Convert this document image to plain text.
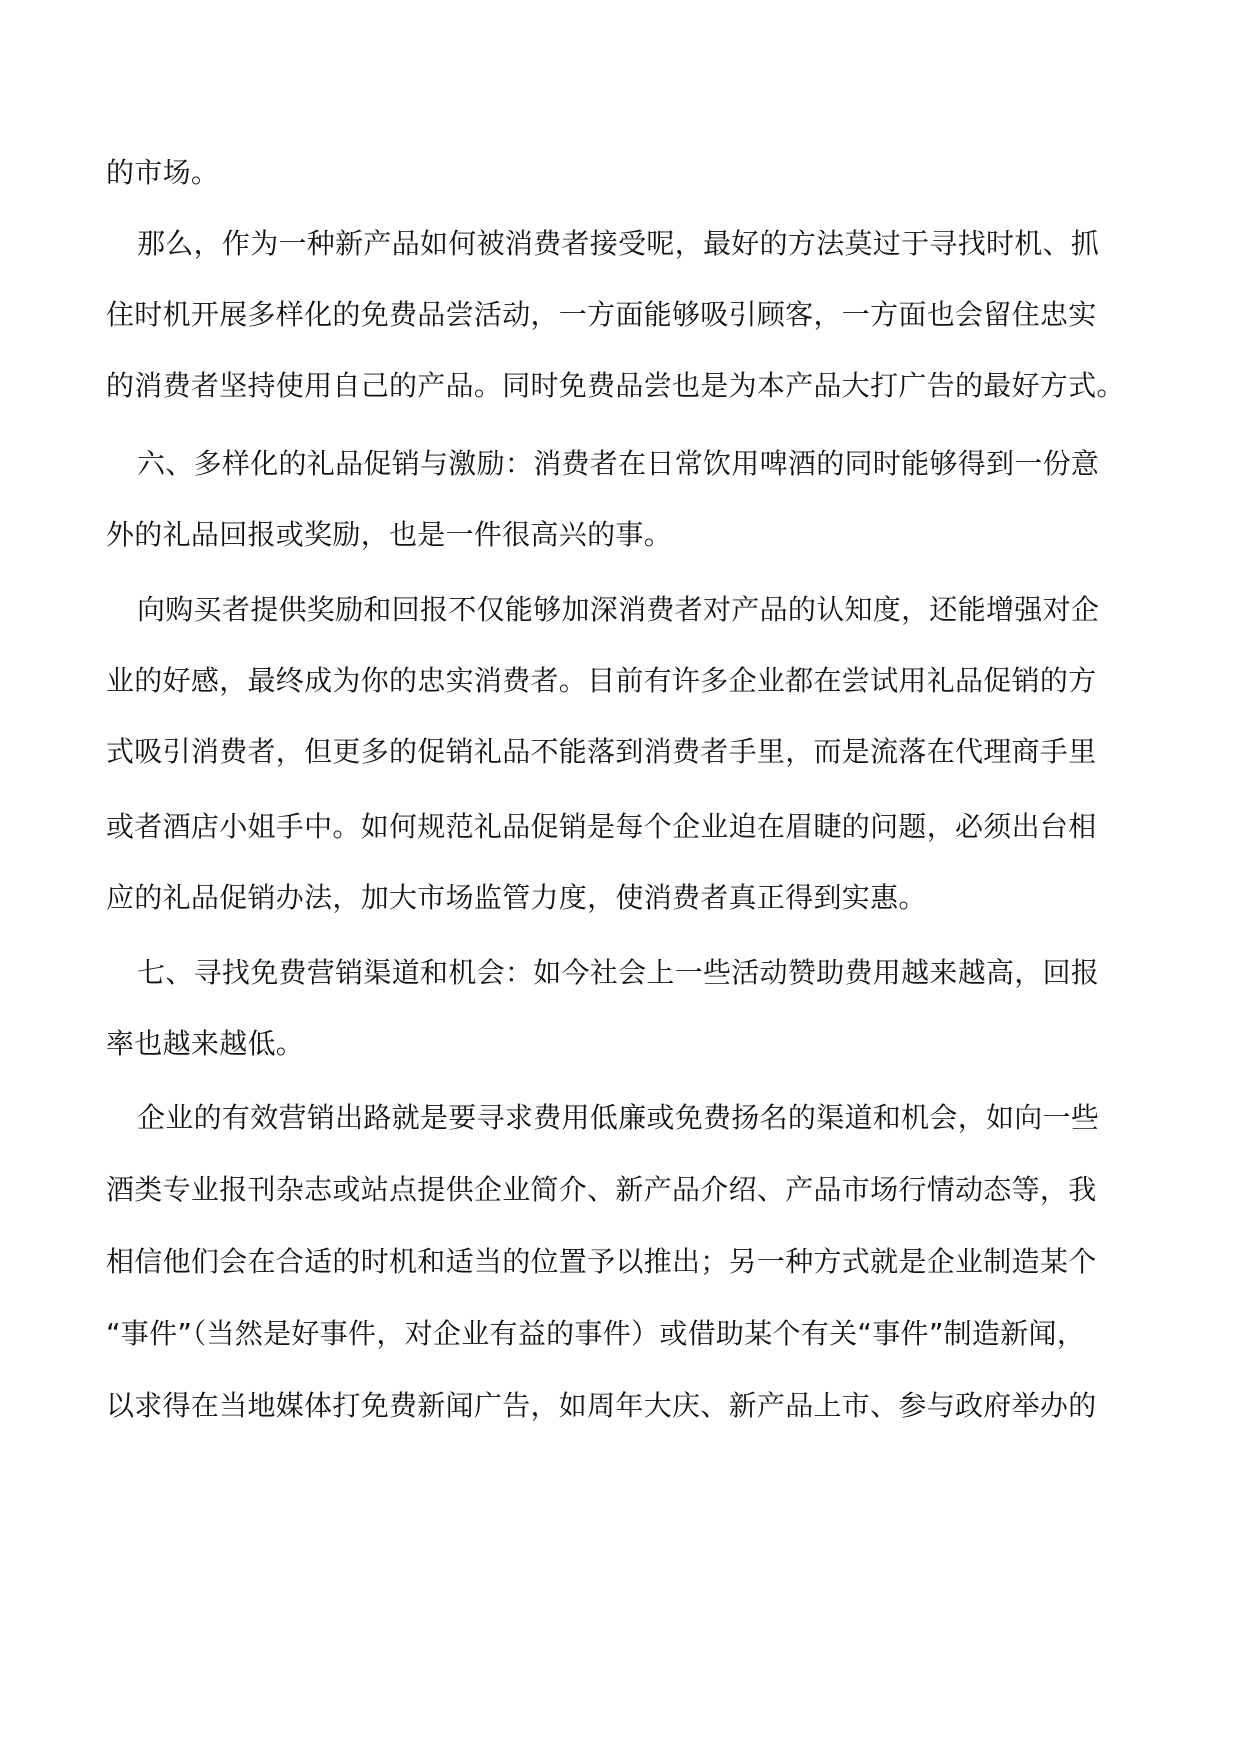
的市场。
那么，作为一种新产品如何被消费者接受呢，最好的方法莫过于寻找时机、抓
住时机开展多样化的免费品尝活动，一方面能够吸引顾客，一方面也会留住忠实
的消费者坚持使用自己的产品。同时免费品尝也是为本产品大打广告的最好方式。
六、多样化的礼品促销与激励：消费者在日常饮用啤酒的同时能够得到一份意
外的礼品回报或奖励，也是一件很高兴的事。
向购买者提供奖励和回报不仅能够加深消费者对产品的认知度，还能增强对企
业的好感，最终成为你的忠实消费者。目前有许多企业都在尝试用礼品促销的方
式吸引消费者，但更多的促销礼品不能落到消费者手里，而是流落在代理商手里
或者酒店小姐手中。如何规范礼品促销是每个企业迫在眉睫的问题，必须出台相
应的礼品促销办法，加大市场监管力度，使消费者真正得到实惠。
七、寻找免费营销渠道和机会：如今社会上一些活动赞助费用越来越高，回报
率也越来越低。
企业的有效营销出路就是要寻求费用低廉或免费扬名的渠道和机会，如向一些
酒类专业报刊杂志或站点提供企业简介、新产品介绍、产品市场行情动态等，我
相信他们会在合适的时机和适当的位置予以推出；另一种方式就是企业制造某个
“事件”（当然是好事件，对企业有益的事件）或借助某个有关“事件”制造新闻，
以求得在当地媒体打免费新闻广告，如周年大庆、新产品上市、参与政府举办的
